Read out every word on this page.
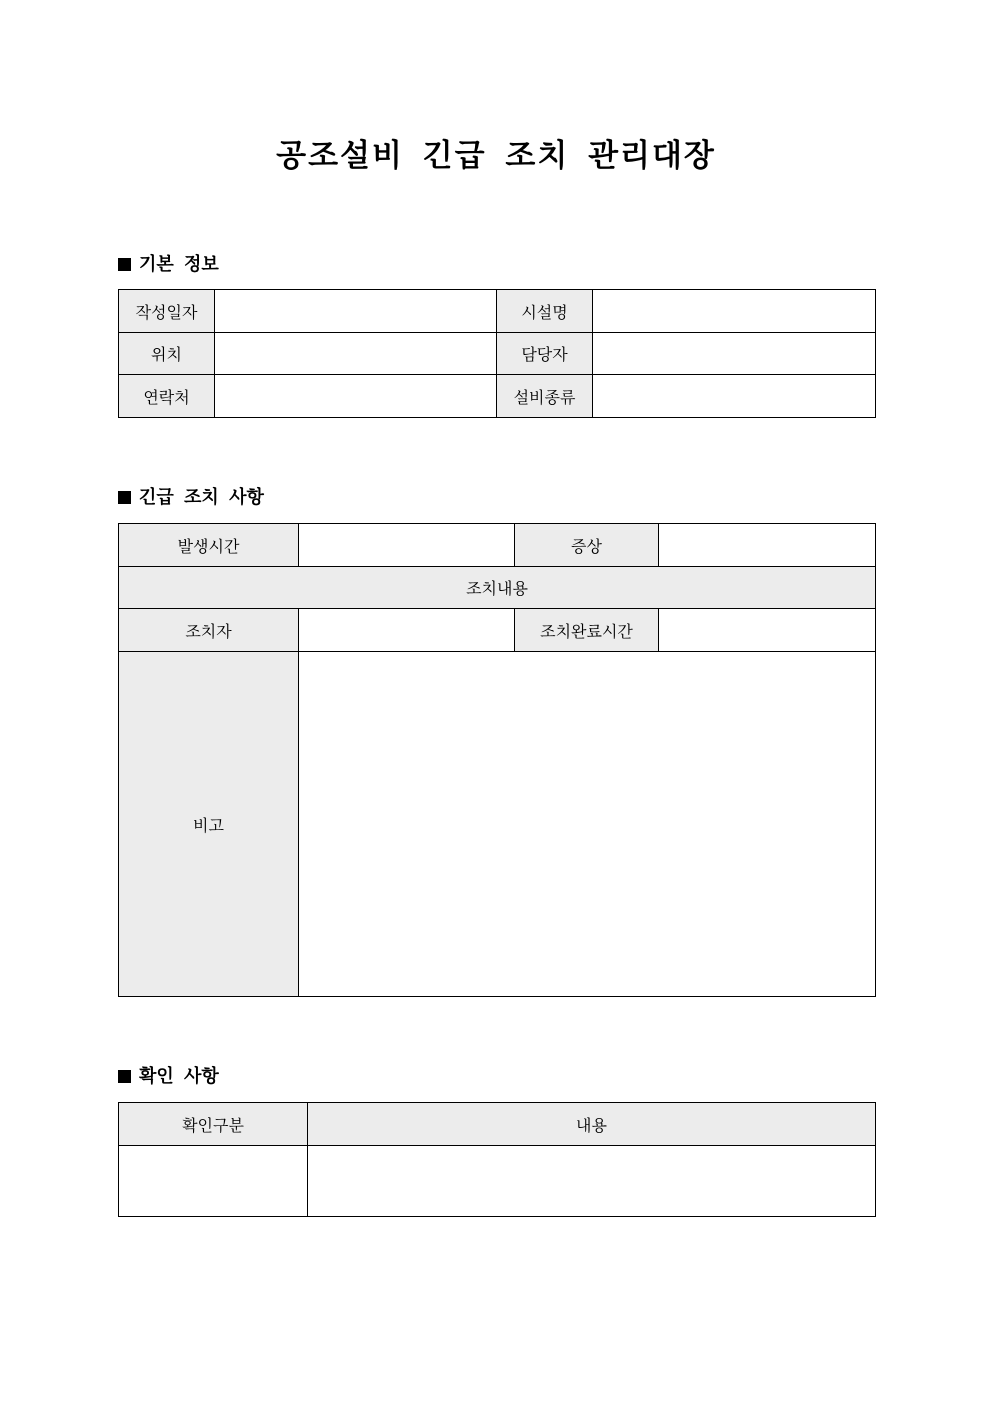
공조설비 긴급 조치 관리대장
기본 정보
작성일자		시설명	
위치		담당자	
연락처		설비종류	
긴급 조치 사항
발생시간		증상	
조치내용			
조치자		조치완료시간	
비고			
확인 사항
확인구분	내용
